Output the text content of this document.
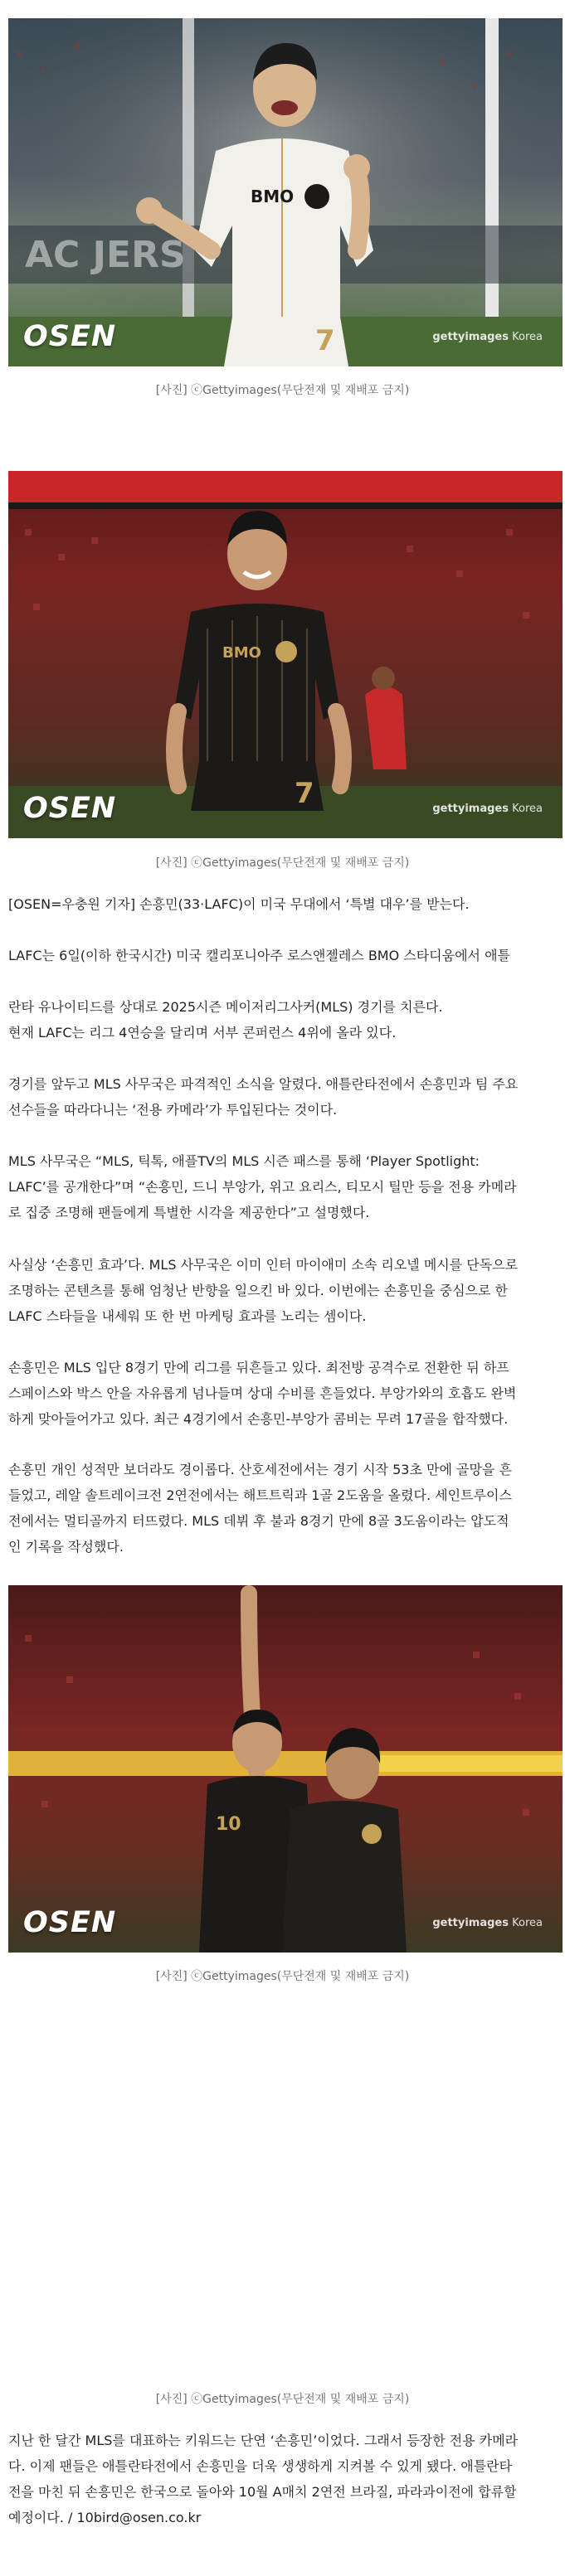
AC JERS
BMO
7
OSEN	gettyimages Korea
[사진] ⓒGettyimages(무단전재 및 재배포 금지)
7
BMO
OSEN	gettyimages Korea
[사진] ⓒGettyimages(무단전재 및 재배포 금지)
[OSEN=우충원 기자] 손흥민(33·LAFC)이 미국 무대에서 ‘특별 대우’를 받는다.
LAFC는 6일(이하 한국시간) 미국 캘리포니아주 로스앤젤레스 BMO 스타디움에서 애틀

란타 유나이티드를 상대로 2025시즌 메이저리그사커(MLS) 경기를 치른다.
현재 LAFC는 리그 4연승을 달리며 서부 콘퍼런스 4위에 올라 있다.
경기를 앞두고 MLS 사무국은 파격적인 소식을 알렸다. 애틀란타전에서 손흥민과 팀 주요
선수들을 따라다니는 ‘전용 카메라’가 투입된다는 것이다.
MLS 사무국은 “MLS, 틱톡, 애플TV의 MLS 시즌 패스를 통해 ‘Player Spotlight:
LAFC’를 공개한다”며 “손흥민, 드니 부앙가, 위고 요리스, 티모시 틸만 등을 전용 카메라
로 집중 조명해 팬들에게 특별한 시각을 제공한다”고 설명했다.
사실상 ‘손흥민 효과’다. MLS 사무국은 이미 인터 마이애미 소속 리오넬 메시를 단독으로
조명하는 콘텐츠를 통해 엄청난 반향을 일으킨 바 있다. 이번에는 손흥민을 중심으로 한
LAFC 스타들을 내세워 또 한 번 마케팅 효과를 노리는 셈이다.
손흥민은 MLS 입단 8경기 만에 리그를 뒤흔들고 있다. 최전방 공격수로 전환한 뒤 하프
스페이스와 박스 안을 자유롭게 넘나들며 상대 수비를 흔들었다. 부앙가와의 호흡도 완벽
하게 맞아들어가고 있다. 최근 4경기에서 손흥민-부앙가 콤비는 무려 17골을 합작했다.
손흥민 개인 성적만 보더라도 경이롭다. 산호세전에서는 경기 시작 53초 만에 골망을 흔
들었고, 레알 솔트레이크전 2연전에서는 해트트릭과 1골 2도움을 올렸다. 세인트루이스
전에서는 멀티골까지 터뜨렸다. MLS 데뷔 후 불과 8경기 만에 8골 3도움이라는 압도적
인 기록을 작성했다.
10
OSEN	gettyimages Korea
[사진] ⓒGettyimages(무단전재 및 재배포 금지)
[사진] ⓒGettyimages(무단전재 및 재배포 금지)
지난 한 달간 MLS를 대표하는 키워드는 단연 ‘손흥민’이었다. 그래서 등장한 전용 카메라
다. 이제 팬들은 애틀란타전에서 손흥민을 더욱 생생하게 지켜볼 수 있게 됐다. 애틀란타
전을 마친 뒤 손흥민은 한국으로 돌아와 10월 A매치 2연전 브라질, 파라과이전에 합류할
예정이다. / 10bird@osen.co.kr
